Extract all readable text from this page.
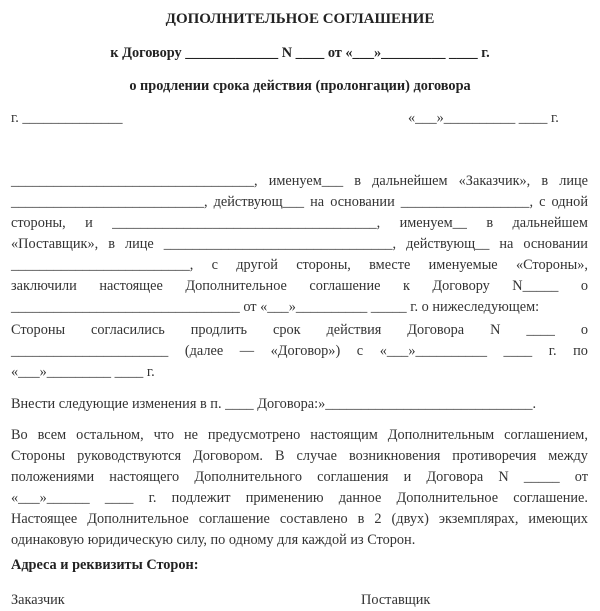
ДОПОЛНИТЕЛЬНОЕ СОГЛАШЕНИЕ
к Договору _____________ N ____ от «___»_________ ____ г.
о продлении срока действия (пролонгации) договора
г. ______________	«___»__________ ____ г.
__________________________________, именуем___ в дальнейшем «Заказчик», в лице
___________________________, действующ___ на основании __________________, с одной
стороны, и _____________________________________, именуем__ в дальнейшем
«Поставщик», в лице ________________________________, действующ__ на основании
_________________________, с другой стороны, вместе именуемые «Стороны»,
заключили настоящее Дополнительное соглашение к Договору N_____ о
________________________________ от «___»__________ _____ г. о нижеследующем:
Стороны согласились продлить срок действия Договора N ____ о
______________________ (далее — «Договор») с «___»__________ ____ г. по
«___»_________ ____ г.
Внести следующие изменения в п. ____ Договора:»_____________________________.
Во всем остальном, что не предусмотрено настоящим Дополнительным соглашением,
Стороны руководствуются Договором. В случае возникновения противоречия между
положениями настоящего Дополнительного соглашения и Договора N _____ от
«___»______ ____ г. подлежит применению данное Дополнительное соглашение.
Настоящее Дополнительное соглашение составлено в 2 (двух) экземплярах, имеющих
одинаковую юридическую силу, по одному для каждой из Сторон.
Адреса и реквизиты Сторон:
Заказчик	Поставщик
